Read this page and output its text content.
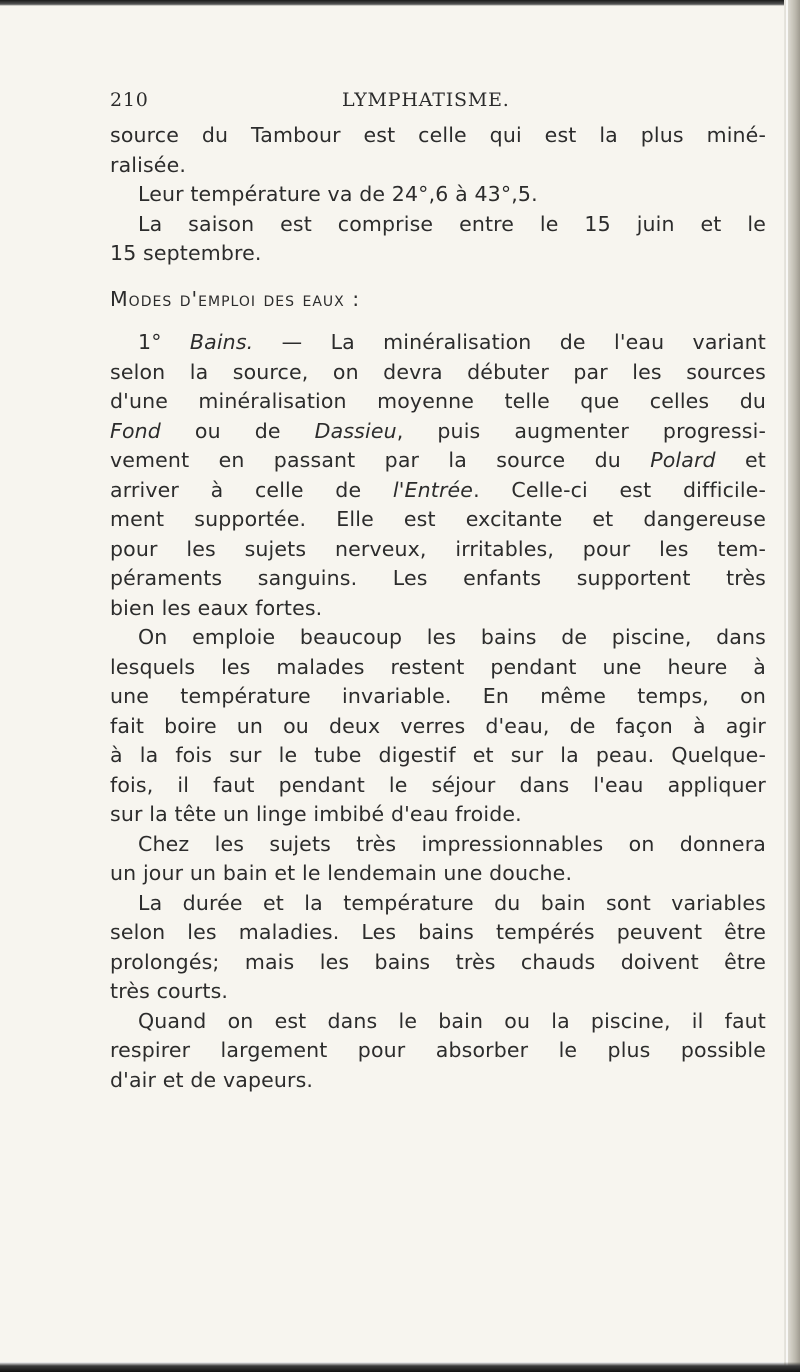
210	LYMPHATISME.
source du Tambour est celle qui est la plus miné-
ralisée.
Leur température va de 24°,6 à 43°,5.
La saison est comprise entre le 15 juin et le
15 septembre.
Modes d'emploi des eaux :
1° Bains. — La minéralisation de l'eau variant
selon la source, on devra débuter par les sources
d'une minéralisation moyenne telle que celles du
Fond ou de Dassieu, puis augmenter progressi-
vement en passant par la source du Polard et
arriver à celle de l'Entrée. Celle-ci est difficile-
ment supportée. Elle est excitante et dangereuse
pour les sujets nerveux, irritables, pour les tem-
péraments sanguins. Les enfants supportent très
bien les eaux fortes.
On emploie beaucoup les bains de piscine, dans
lesquels les malades restent pendant une heure à
une température invariable. En même temps, on
fait boire un ou deux verres d'eau, de façon à agir
à la fois sur le tube digestif et sur la peau. Quelque-
fois, il faut pendant le séjour dans l'eau appliquer
sur la tête un linge imbibé d'eau froide.
Chez les sujets très impressionnables on donnera
un jour un bain et le lendemain une douche.
La durée et la température du bain sont variables
selon les maladies. Les bains tempérés peuvent être
prolongés; mais les bains très chauds doivent être
très courts.
Quand on est dans le bain ou la piscine, il faut
respirer largement pour absorber le plus possible
d'air et de vapeurs.
